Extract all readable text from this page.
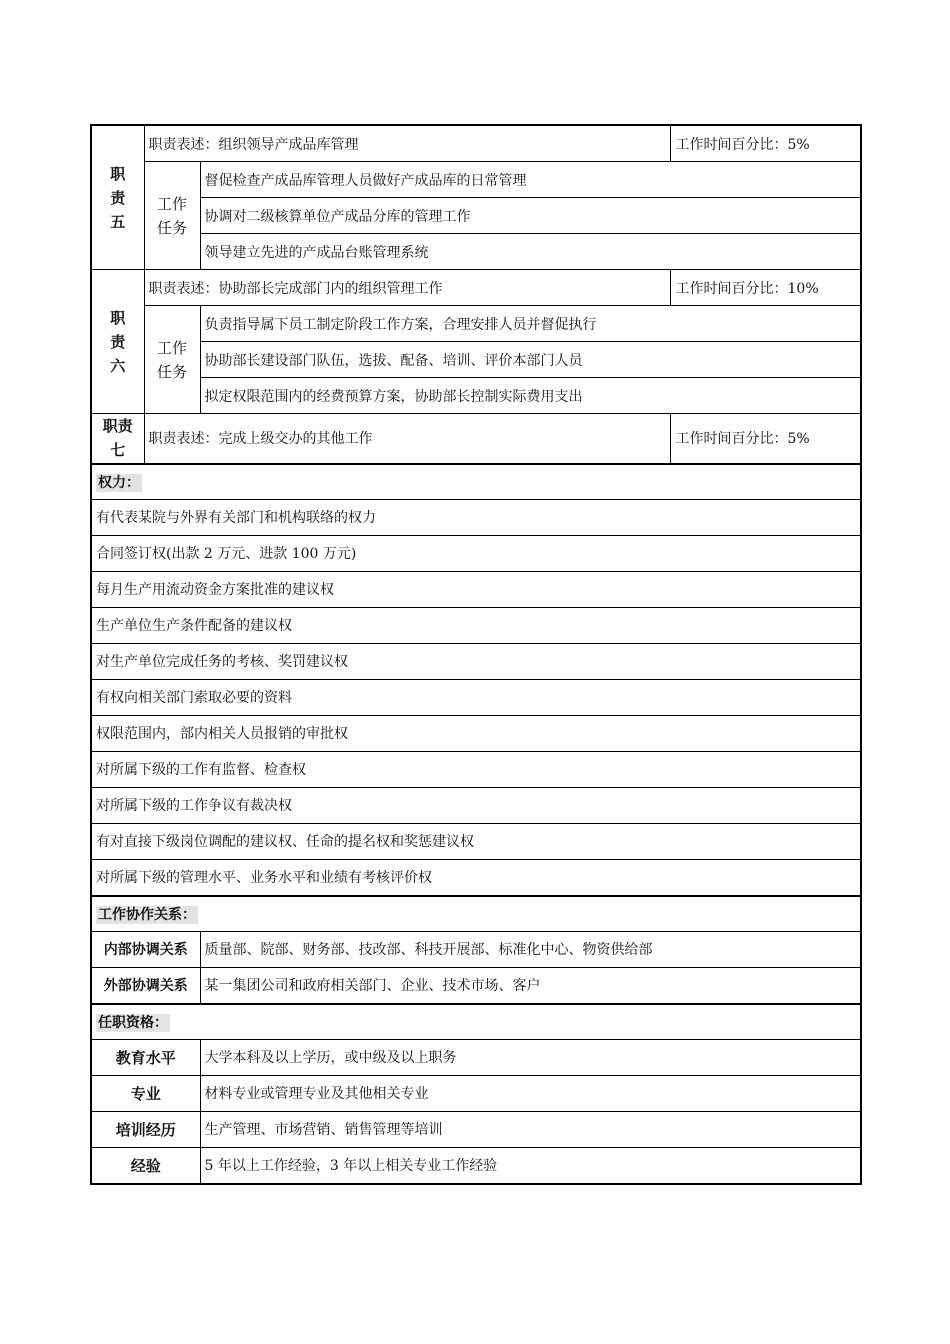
职
责
五	职责表述：组织领导产成品库管理		工作时间百分比：5%
	工作
任务	督促检查产成品库管理人员做好产成品库的日常管理	
		协调对二级核算单位产成品分库的管理工作	
		领导建立先进的产成品台账管理系统	
职
责
六	职责表述：协助部长完成部门内的组织管理工作		工作时间百分比：10%
	工作
任务	负责指导属下员工制定阶段工作方案，合理安排人员并督促执行	
		协助部长建设部门队伍，选拔、配备、培训、评价本部门人员	
		拟定权限范围内的经费预算方案，协助部长控制实际费用支出	
职责
七	职责表述：完成上级交办的其他工作		工作时间百分比：5%
权力：			
有代表某院与外界有关部门和机构联络的权力			
合同签订权(出款 2 万元、进款 100 万元)			
每月生产用流动资金方案批准的建议权			
生产单位生产条件配备的建议权			
对生产单位完成任务的考核、奖罚建议权			
有权向相关部门索取必要的资料			
权限范围内，部内相关人员报销的审批权			
对所属下级的工作有监督、检查权			
对所属下级的工作争议有裁决权			
有对直接下级岗位调配的建议权、任命的提名权和奖惩建议权			
对所属下级的管理水平、业务水平和业绩有考核评价权			
工作协作关系：			
内部协调关系		质量部、院部、财务部、技改部、科技开展部、标准化中心、物资供给部	
外部协调关系		某一集团公司和政府相关部门、企业、技术市场、客户	
任职资格：			
教育水平		大学本科及以上学历，或中级及以上职务	
专业		材料专业或管理专业及其他相关专业	
培训经历		生产管理、市场营销、销售管理等培训	
经验		5 年以上工作经验，3 年以上相关专业工作经验	
